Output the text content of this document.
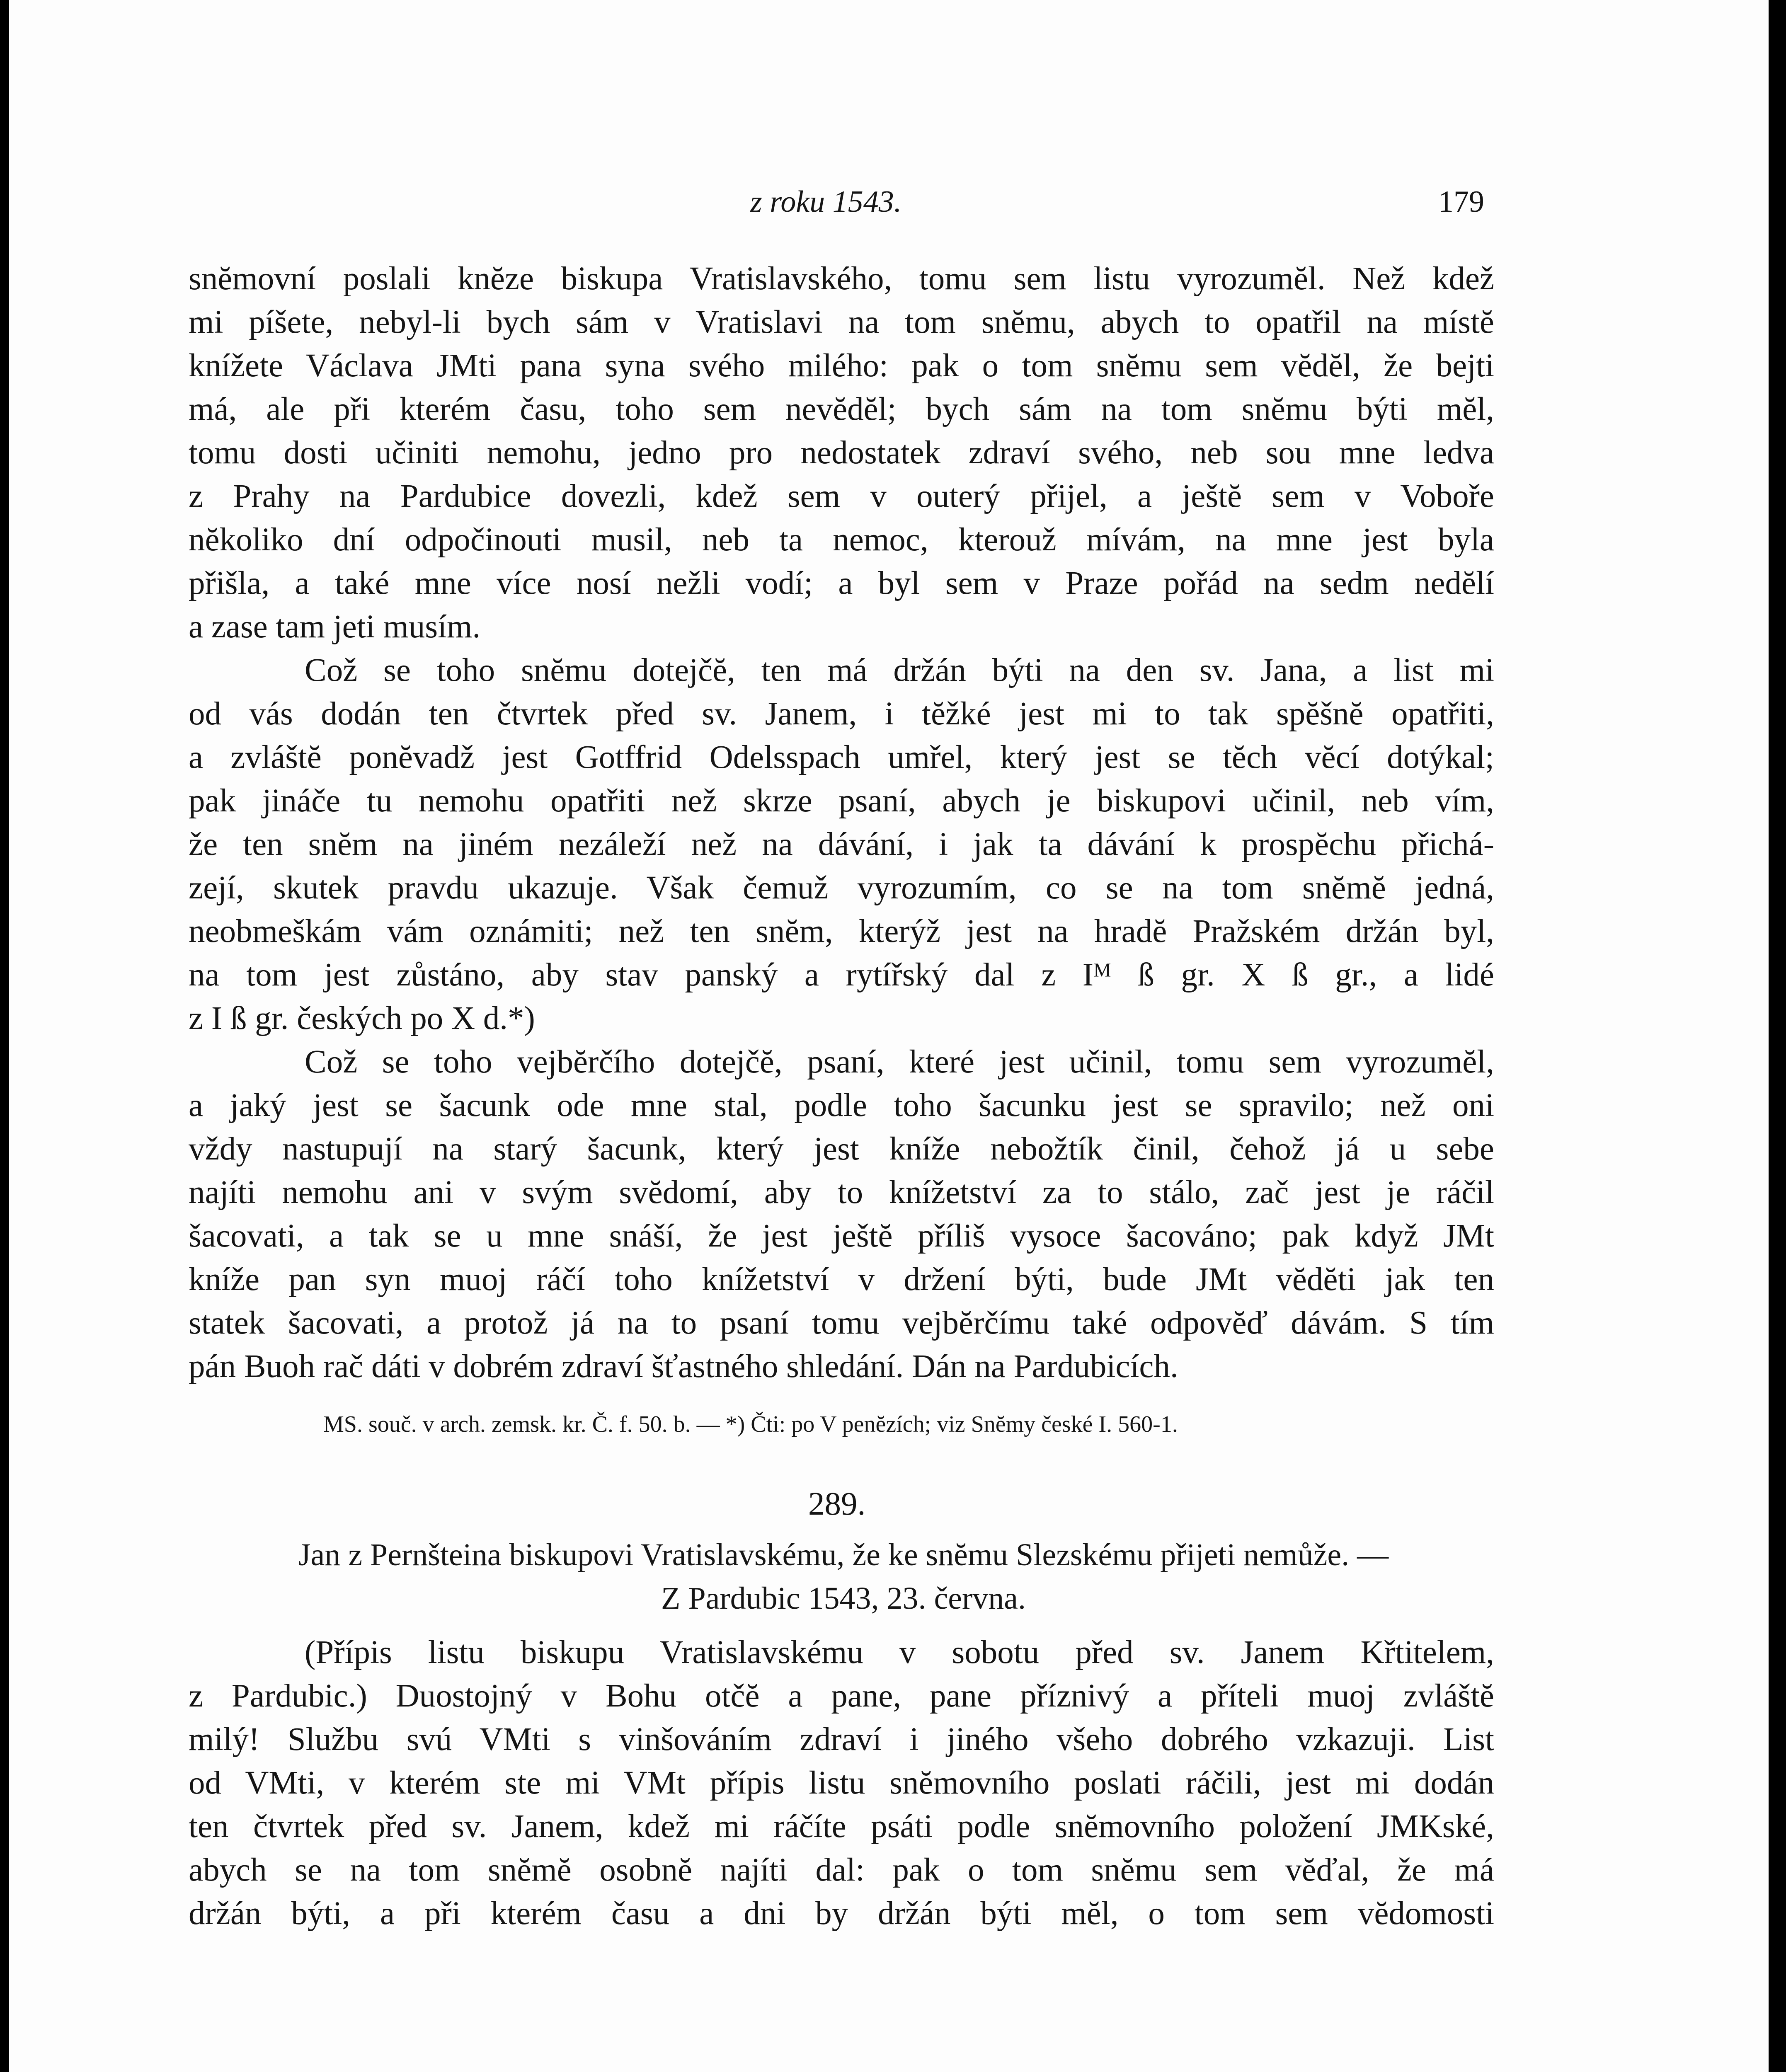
z roku 1543.	179

snĕmovní poslali knĕze biskupa Vratislavského, tomu sem listu vyrozumĕl. Než kdež
mi píšete, nebyl-li bych sám v Vratislavi na tom snĕmu, abych to opatřil na místĕ
knížete Václava JMti pana syna svého milého: pak o tom snĕmu sem vĕdĕl, že bejti
má, ale při kterém času, toho sem nevĕdĕl; bych sám na tom snĕmu býti mĕl,
tomu dosti učiniti nemohu, jedno pro nedostatek zdraví svého, neb sou mne ledva
z Prahy na Pardubice dovezli, kdež sem v outerý přijel, a ještĕ sem v Voboře
nĕkoliko dní odpočinouti musil, neb ta nemoc, kterouž mívám, na mne jest byla
přišla, a také mne více nosí nežli vodí; a byl sem v Praze pořád na sedm nedĕlí
a zase tam jeti musím.

Což se toho snĕmu dotejčĕ, ten má držán býti na den sv. Jana, a list mi
od vás dodán ten čtvrtek před sv. Janem, i tĕžké jest mi to tak spĕšnĕ opatřiti,
a zvláštĕ ponĕvadž jest Gotffrid Odelsspach umřel, který jest se tĕch vĕcí dotýkal;
pak jináče tu nemohu opatřiti než skrze psaní, abych je biskupovi učinil, neb vím,
že ten snĕm na jiném nezáleží než na dávání, i jak ta dávání k prospĕchu přichá-
zejí, skutek pravdu ukazuje. Však čemuž vyrozumím, co se na tom snĕmĕ jedná,
neobmeškám vám oznámiti; než ten snĕm, kterýž jest na hradĕ Pražském držán byl,
na tom jest zůstáno, aby stav panský a rytířský dal z Iᴹ ß gr. X ß gr., a lidé
z I ß gr. českých po X d.*)

Což se toho vejbĕrčího dotejčĕ, psaní, které jest učinil, tomu sem vyrozumĕl,
a jaký jest se šacunk ode mne stal, podle toho šacunku jest se spravilo; než oni
vždy nastupují na starý šacunk, který jest kníže nebožtík činil, čehož já u sebe
najíti nemohu ani v svým svĕdomí, aby to knížetství za to stálo, zač jest je ráčil
šacovati, a tak se u mne snáší, že jest ještĕ příliš vysoce šacováno; pak když JMt
kníže pan syn muoj ráčí toho knížetství v držení býti, bude JMt vĕdĕti jak ten
statek šacovati, a protož já na to psaní tomu vejbĕrčímu také odpovĕď dávám. S tím
pán Buoh rač dáti v dobrém zdraví šťastného shledání. Dán na Pardubicích.

MS. souč. v arch. zemsk. kr. Č. f. 50. b. — *) Čti: po V penĕzích; viz Snĕmy české I. 560-1.
289.
Jan z Pernšteina biskupovi Vratislavskému, že ke snĕmu Slezskému přijeti nemůže. —
Z Pardubic 1543, 23. června.

(Přípis listu biskupu Vratislavskému v sobotu před sv. Janem Křtitelem,
z Pardubic.) Duostojný v Bohu otčĕ a pane, pane příznivý a příteli muoj zvláštĕ
milý! Službu svú VMti s vinšováním zdraví i jiného všeho dobrého vzkazuji. List
od VMti, v kterém ste mi VMt přípis listu snĕmovního poslati ráčili, jest mi dodán
ten čtvrtek před sv. Janem, kdež mi ráčíte psáti podle snĕmovního položení JMKské,
abych se na tom snĕmĕ osobnĕ najíti dal: pak o tom snĕmu sem vĕďal, že má
držán býti, a při kterém času a dni by držán býti mĕl, o tom sem vĕdomosti
